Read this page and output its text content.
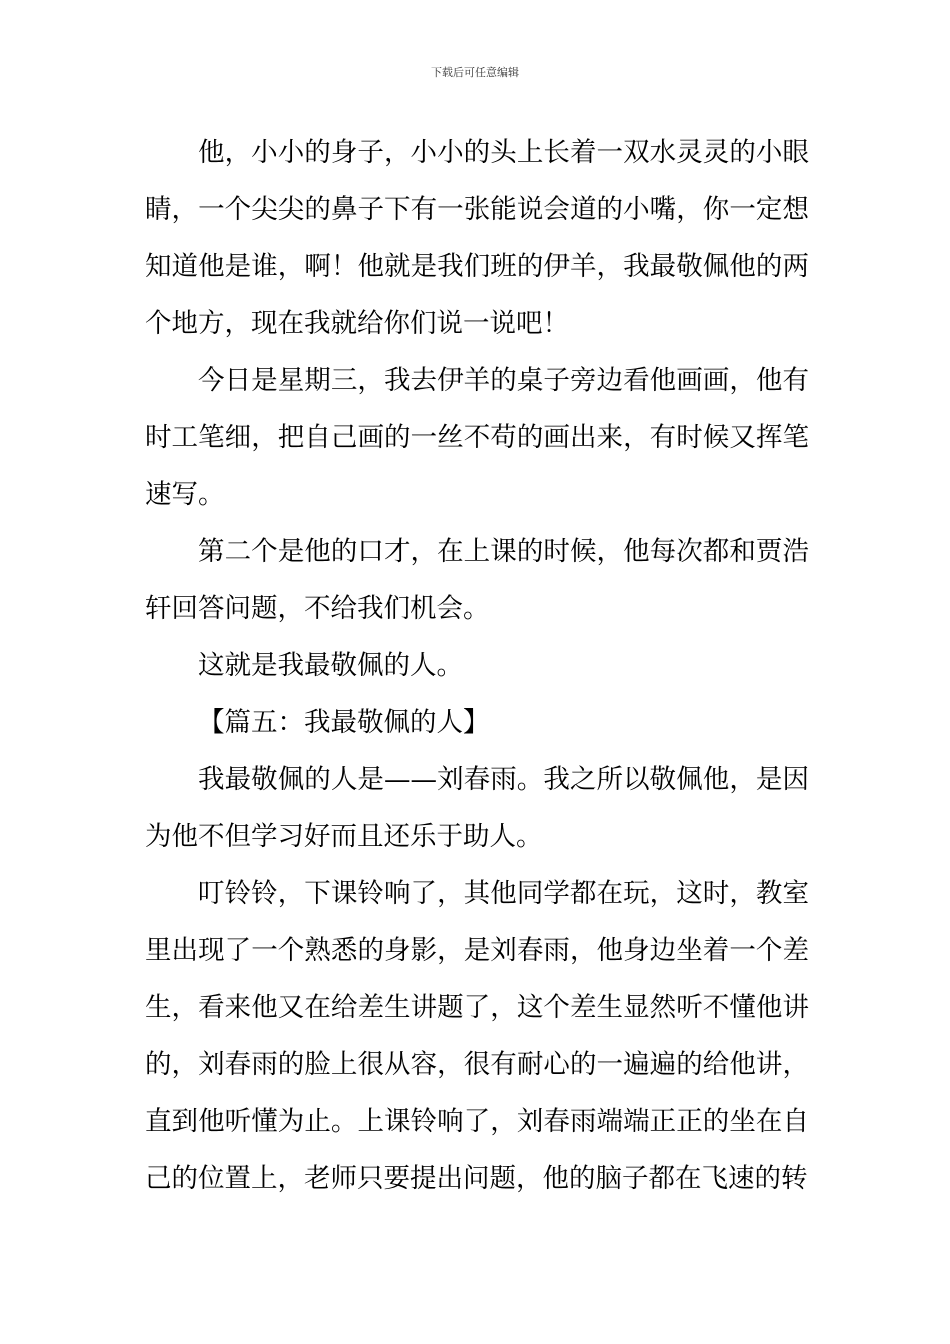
下载后可任意编辑

他，小小的身子，小小的头上长着一双水灵灵的小眼睛，一个尖尖的鼻子下有一张能说会道的小嘴，你一定想知道他是谁，啊！他就是我们班的伊羊，我最敬佩他的两个地方，现在我就给你们说一说吧！

今日是星期三，我去伊羊的桌子旁边看他画画，他有时工笔细，把自己画的一丝不苟的画出来，有时候又挥笔速写。

第二个是他的口才，在上课的时候，他每次都和贾浩轩回答问题，不给我们机会。

这就是我最敬佩的人。

【篇五：我最敬佩的人】

我最敬佩的人是——刘春雨。我之所以敬佩他，是因为他不但学习好而且还乐于助人。

叮铃铃，下课铃响了，其他同学都在玩，这时，教室里出现了一个熟悉的身影，是刘春雨，他身边坐着一个差生，看来他又在给差生讲题了，这个差生显然听不懂他讲的，刘春雨的脸上很从容，很有耐心的一遍遍的给他讲，直到他听懂为止。上课铃响了，刘春雨端端正正的坐在自己的位置上，老师只要提出问题，他的脑子都在飞速的转
